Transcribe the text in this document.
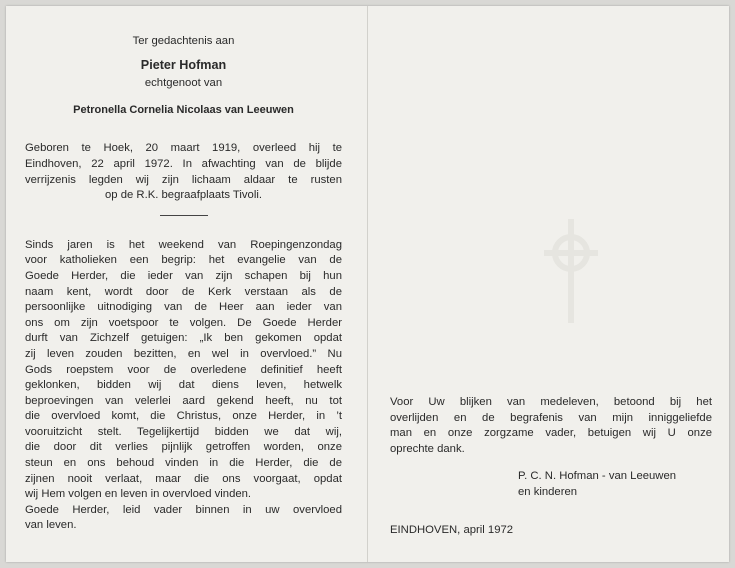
Ter gedachtenis aan
Pieter Hofman
echtgenoot van
Petronella Cornelia Nicolaas van Leeuwen
Geboren te Hoek, 20 maart 1919, overleed hij te
Eindhoven, 22 april 1972. In afwachting van de blijde
verrijzenis legden wij zijn lichaam aldaar te rusten
op de R.K. begraafplaats Tivoli.
Sinds jaren is het weekend van Roepingenzondag
voor katholieken een begrip: het evangelie van de
Goede Herder, die ieder van zijn schapen bij hun
naam kent, wordt door de Kerk verstaan als de
persoonlijke uitnodiging van de Heer aan ieder van
ons om zijn voetspoor te volgen. De Goede Herder
durft van Zichzelf getuigen: „Ik ben gekomen opdat
zij leven zouden bezitten, en wel in overvloed.” Nu
Gods roepstem voor de overledene definitief heeft
geklonken, bidden wij dat diens leven, hetwelk
beproevingen van velerlei aard gekend heeft, nu tot
die overvloed komt, die Christus, onze Herder, in ’t
vooruitzicht stelt. Tegelijkertijd bidden we dat wij,
die door dit verlies pijnlijk getroffen worden, onze
steun en ons behoud vinden in die Herder, die de
zijnen nooit verlaat, maar die ons voorgaat, opdat
wij Hem volgen en leven in overvloed vinden.
Goede Herder, leid vader binnen in uw overvloed
van leven.
Voor Uw blijken van medeleven, betoond bij het
overlijden en de begrafenis van mijn inniggeliefde
man en onze zorgzame vader, betuigen wij U onze
oprechte dank.
P. C. N. Hofman - van Leeuwen
en kinderen
EINDHOVEN, april 1972
